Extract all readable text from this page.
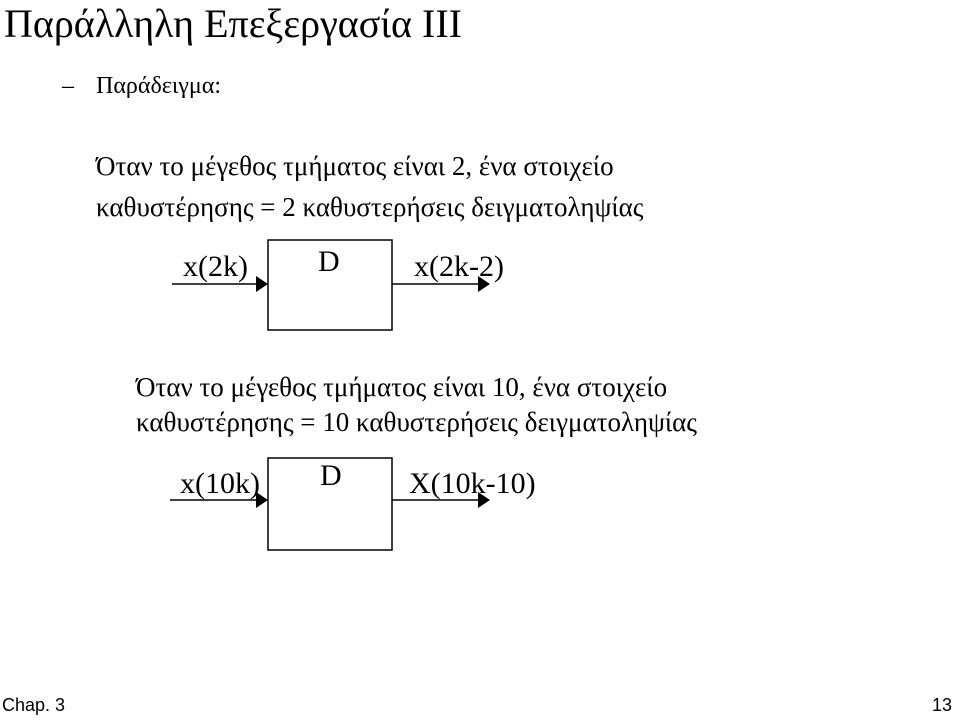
Παράλληλη Επεξεργασία ΙΙΙ
– Παράδειγμα:
Όταν το μέγεθος τμήματος είναι 2, ένα στοιχείο
καθυστέρησης = 2 καθυστερήσεις δειγματοληψίας
x(2k) D x(2k-2)
Όταν το μέγεθος τμήματος είναι 10, ένα στοιχείο
καθυστέρησης = 10 καθυστερήσεις δειγματοληψίας
x(10k) D X(10k-10)
Chap. 3	13
